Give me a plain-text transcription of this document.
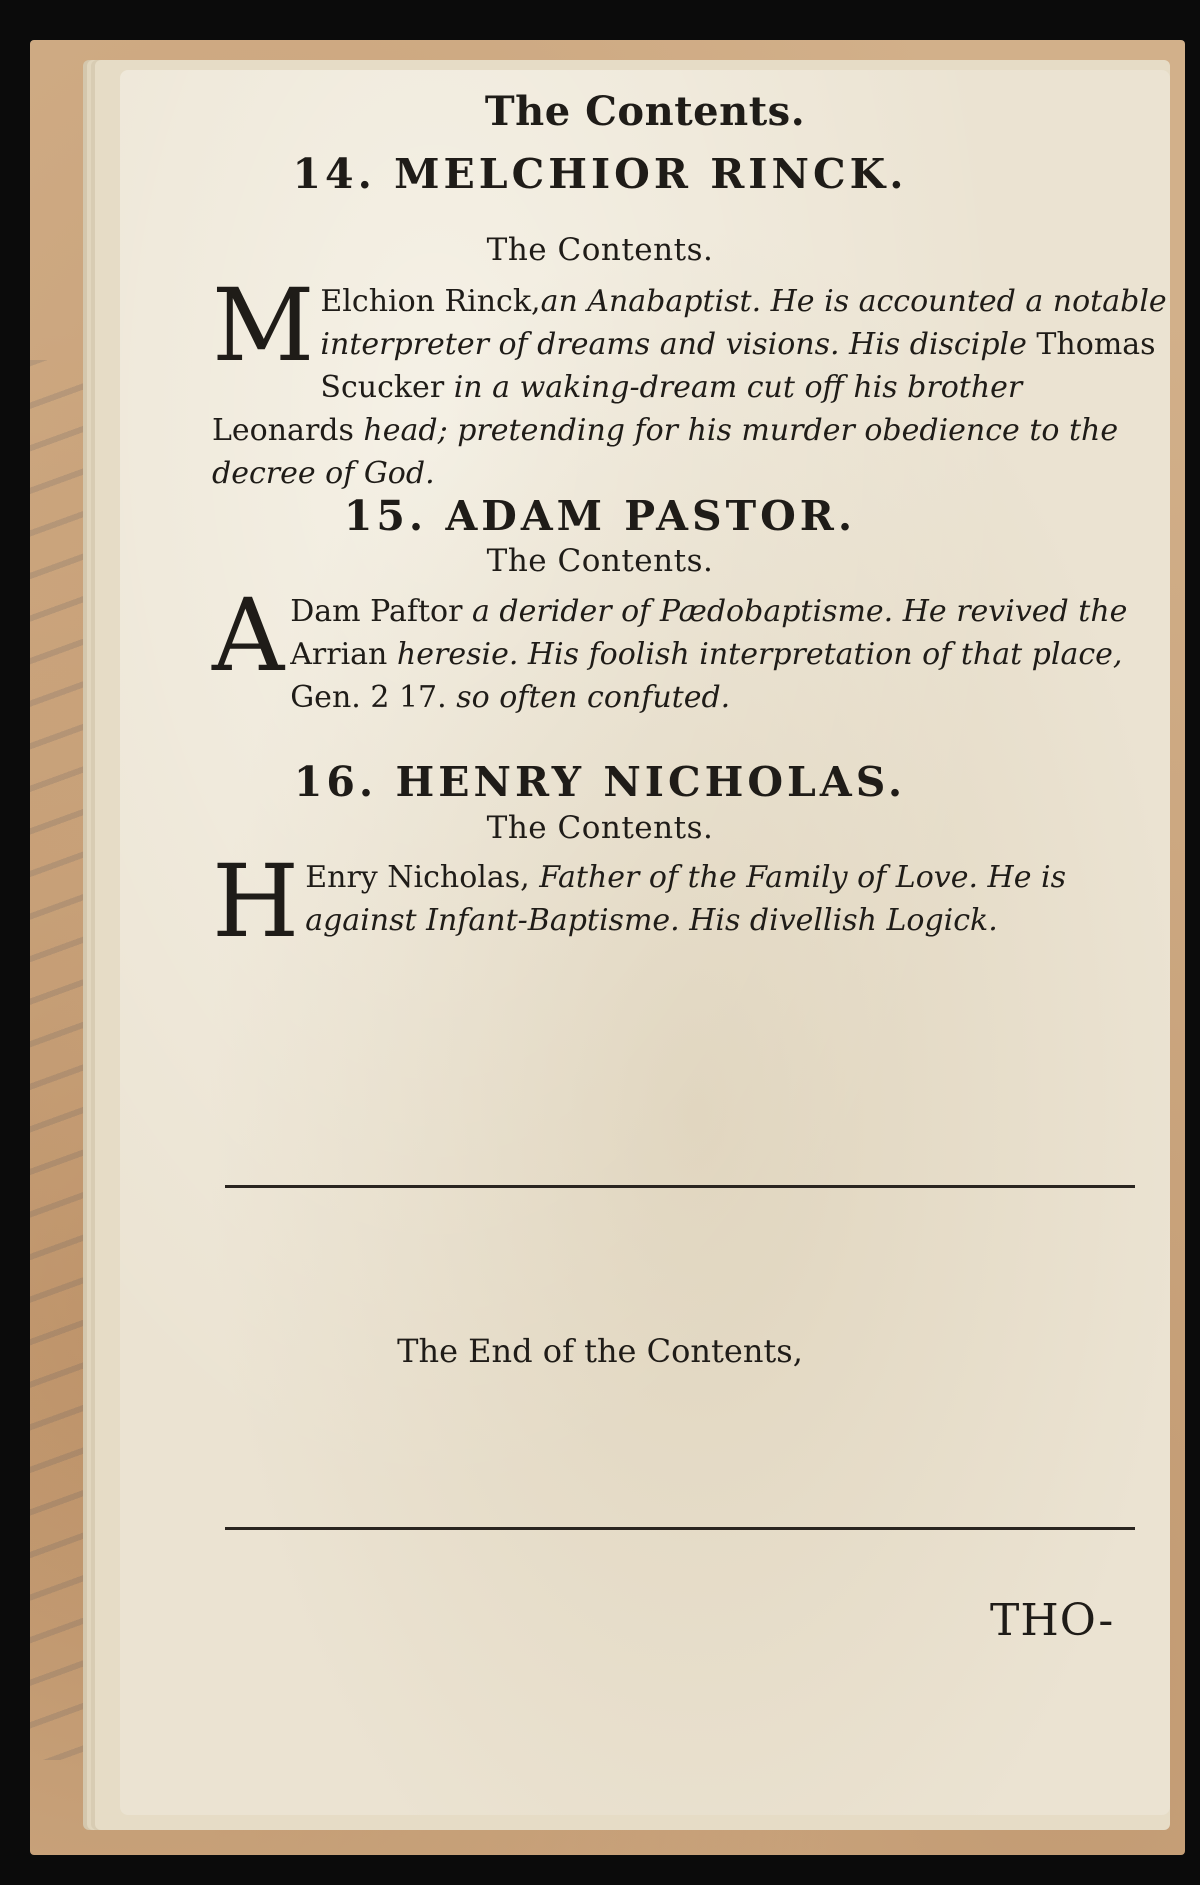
The Contents.
14. MELCHIOR RINCK.
The Contents.
M Elchion Rinck,an Anabaptist. He is accounted a notable interpreter of dreams and visions. His disciple Thomas Scucker in a waking-dream cut off his brother Leonards head; pretending for his murder obedience to the decree of God.
15. ADAM PASTOR.
The Contents.
A Dam Paftor a derider of Pædobaptisme. He revived the Arrian heresie. His foolish interpretation of that place, Gen. 2 17. so often confuted.
16. HENRY NICHOLAS.
The Contents.
H Enry Nicholas, Father of the Family of Love. He is against Infant-Baptisme. His divellish Logick.
The End of the Contents,
THO-
